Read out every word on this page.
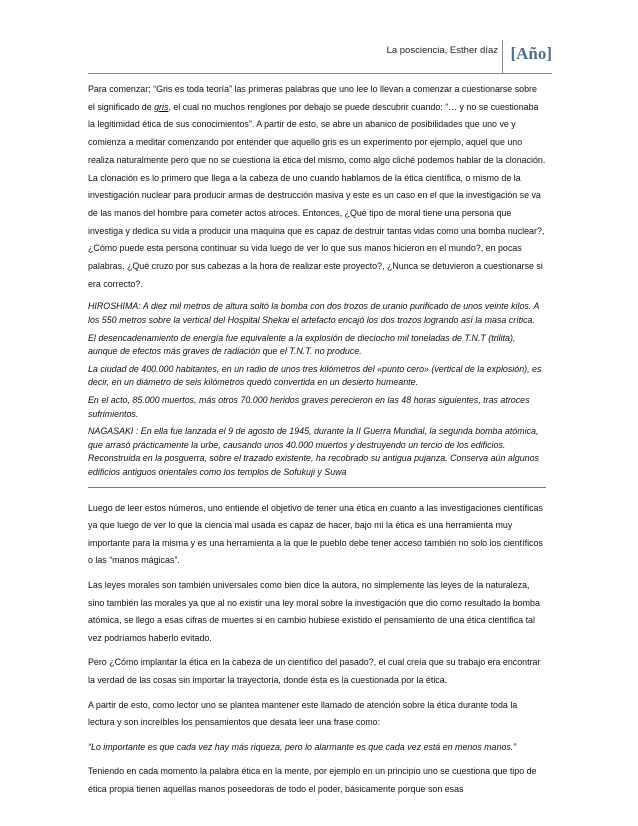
La posciencia, Esther díaz [Año]

Para comenzar; “Gris es toda teoría” las primeras palabras que uno lee lo llevan a comenzar a cuestionarse sobre el significado de gris, el cual no muchos renglones por debajo se puede descubrir cuando: “… y no se cuestionaba la legitimidad ética de sus conocimientos”. A partir de esto, se abre un abanico de posibilidades que uno ve y comienza a meditar comenzando por entender que aquello gris es un experimento por ejemplo, aquel que uno realiza naturalmente pero que no se cuestiona la ética del mismo, como algo cliché podemos hablar de la clonación. La clonación es lo primero que llega a la cabeza de uno cuando hablamos de la ética científica, o mismo de la investigación nuclear para producir armas de destrucción masiva y este es un caso en el que la investigación se va de las manos del hombre para cometer actos atroces. Entonces, ¿Qué tipo de moral tiene una persona que investiga y dedica su vida a producir una maquina que es capaz de destruir tantas vidas como una bomba nuclear?, ¿Cómo puede esta persona continuar su vida luego de ver lo que sus manos hicieron en el mundo?, en pocas palabras, ¿Qué cruzo por sus cabezas a la hora de realizar este proyecto?, ¿Nunca se detuvieron a cuestionarse si era correcto?.

HIROSHIMA: A diez mil metros de altura soltó la bomba con dos trozos de uranio purificado de unos veinte kilos. A los 550 metros sobre la vertical del Hospital Shekai el artefacto encajó los dos trozos logrando así la masa crítica.

El desencadenamiento de energía fue equivalente a la explosión de dieciocho mil toneladas de T.N.T (trilita), aunque de efectos más graves de radiación que el T.N.T. no produce.

La ciudad de 400.000 habitantes, en un radio de unos tres kilómetros del «punto cero» (vertical de la explosión), es decir, en un diámetro de seis kilómetros quedó convertida en un desierto humeante.

En el acto, 85.000 muertos, más otros 70.000 heridos graves perecieron en las 48 horas siguientes, tras atroces sufrimientos.

NAGASAKI : En ella fue lanzada el 9 de agosto de 1945, durante la II Guerra Mundial, la segunda bomba atómica, que arrasó prácticamente la urbe, causando unos 40.000 muertos y destruyendo un tercio de los edificios. Reconstruida en la posguerra, sobre el trazado existente, ha recobrado su antigua pujanza. Conserva aún algunos edificios antiguos orientales como los templos de Sofukuji y Suwa

Luego de leer estos números, uno entiende el objetivo de tener una ética en cuanto a las investigaciones científicas ya que luego de ver lo que la ciencia mal usada es capaz de hacer, bajo mi la ética es una herramienta muy importante para la misma y es una herramienta a la que le pueblo debe tener acceso también no solo los científicos o las “manos mágicas”.

Las leyes morales son también universales como bien dice la autora, no simplemente las leyes de la naturaleza, sino también las morales ya que al no existir una ley moral sobre la investigación que dio como resultado la bomba atómica, se llego a esas cifras de muertes si en cambio hubiese existido el pensamiento de una ética científica tal vez podríamos haberlo evitado.

Pero ¿Cómo implantar la ética en la cabeza de un científico del pasado?, el cual creía que su trabajo era encontrar la verdad de las cosas sin importar la trayectoria, donde ésta es la cuestionada por la ética.

A partir de esto, como lector uno se plantea mantener este llamado de atención sobre la ética durante toda la lectura y son increíbles los pensamientos que desata leer una frase como:

“Lo importante es que cada vez hay más riqueza, pero lo alarmante es que cada vez está en menos manos.”

Teniendo en cada momento la palabra ética en la mente, por ejemplo en un principio uno se cuestiona que tipo de ética propia tienen aquellas manos poseedoras de todo el poder, básicamente porque son esas
